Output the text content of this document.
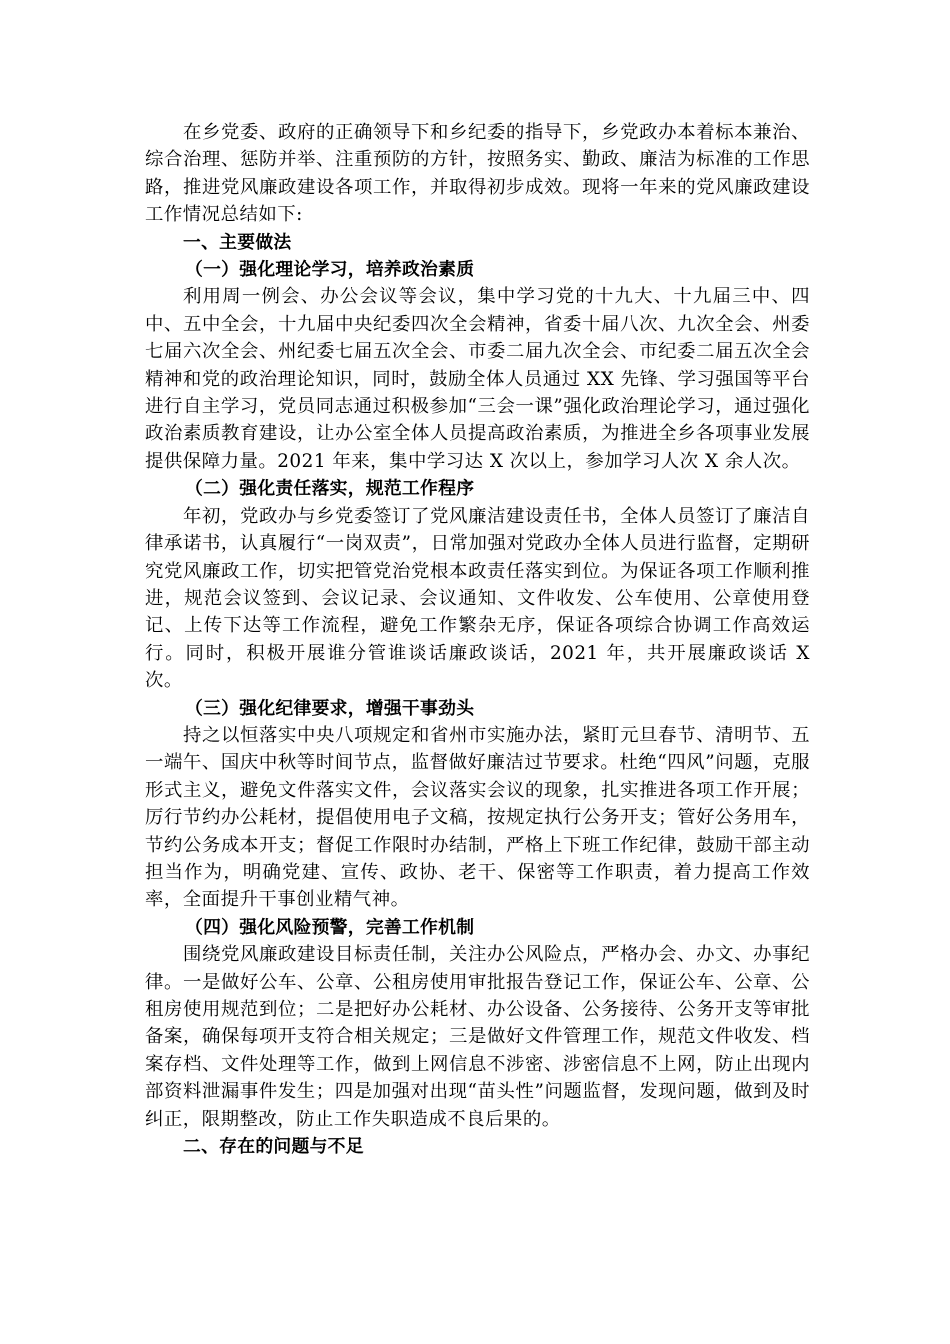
在乡党委、政府的正确领导下和乡纪委的指导下，乡党政办本着标本兼治、综合治理、惩防并举、注重预防的方针，按照务实、勤政、廉洁为标准的工作思路，推进党风廉政建设各项工作，并取得初步成效。现将一年来的党风廉政建设工作情况总结如下:

一、主要做法

（一）强化理论学习，培养政治素质

利用周一例会、办公会议等会议，集中学习党的十九大、十九届三中、四中、五中全会，十九届中央纪委四次全会精神，省委十届八次、九次全会、州委七届六次全会、州纪委七届五次全会、市委二届九次全会、市纪委二届五次全会精神和党的政治理论知识，同时，鼓励全体人员通过 XX 先锋、学习强国等平台进行自主学习，党员同志通过积极参加“三会一课”强化政治理论学习，通过强化政治素质教育建设，让办公室全体人员提高政治素质，为推进全乡各项事业发展提供保障力量。2021 年来，集中学习达 X 次以上，参加学习人次 X 余人次。

（二）强化责任落实，规范工作程序

年初，党政办与乡党委签订了党风廉洁建设责任书，全体人员签订了廉洁自律承诺书，认真履行“一岗双责”，日常加强对党政办全体人员进行监督，定期研究党风廉政工作，切实把管党治党根本政责任落实到位。为保证各项工作顺利推进，规范会议签到、会议记录、会议通知、文件收发、公车使用、公章使用登记、上传下达等工作流程，避免工作繁杂无序，保证各项综合协调工作高效运行。同时，积极开展谁分管谁谈话廉政谈话，2021 年，共开展廉政谈话 X 次。

（三）强化纪律要求，增强干事劲头

持之以恒落实中央八项规定和省州市实施办法，紧盯元旦春节、清明节、五一端午、国庆中秋等时间节点，监督做好廉洁过节要求。杜绝“四风”问题，克服形式主义，避免文件落实文件，会议落实会议的现象，扎实推进各项工作开展；厉行节约办公耗材，提倡使用电子文稿，按规定执行公务开支；管好公务用车，节约公务成本开支；督促工作限时办结制，严格上下班工作纪律，鼓励干部主动担当作为，明确党建、宣传、政协、老干、保密等工作职责，着力提高工作效率，全面提升干事创业精气神。

（四）强化风险预警，完善工作机制

围绕党风廉政建设目标责任制，关注办公风险点，严格办会、办文、办事纪律。一是做好公车、公章、公租房使用审批报告登记工作，保证公车、公章、公租房使用规范到位；二是把好办公耗材、办公设备、公务接待、公务开支等审批备案，确保每项开支符合相关规定；三是做好文件管理工作，规范文件收发、档案存档、文件处理等工作，做到上网信息不涉密、涉密信息不上网，防止出现内部资料泄漏事件发生；四是加强对出现“苗头性”问题监督，发现问题，做到及时纠正，限期整改，防止工作失职造成不良后果的。

二、存在的问题与不足
